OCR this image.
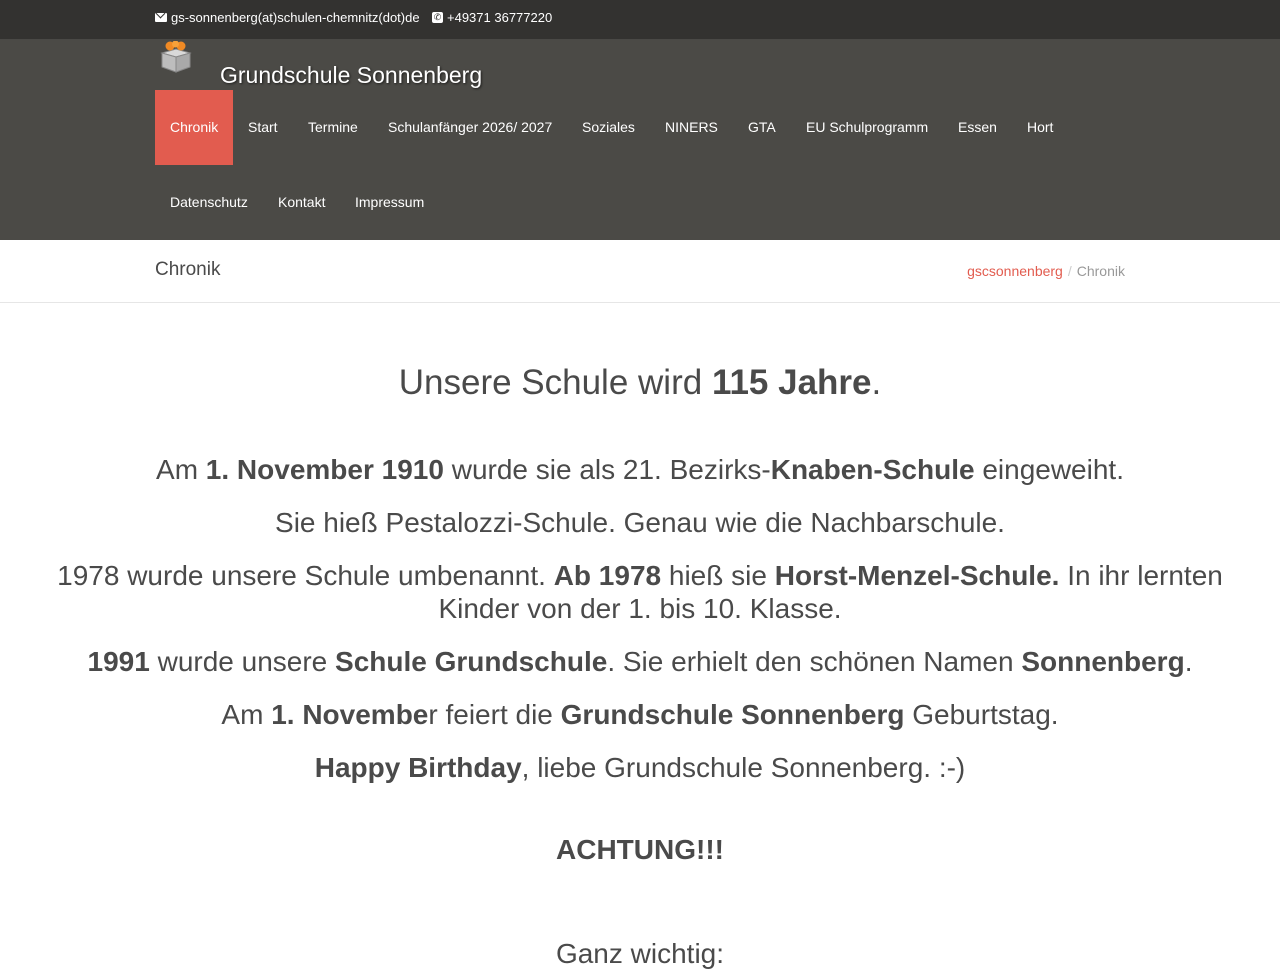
gs-sonnenberg(at)schulen-chemnitz(dot)de ✆ +49371 36777220
Grundschule Sonnenberg
Chronik	Start	Termine	Schulanfänger 2026/ 2027	Soziales	NINERS	GTA	EU Schulprogramm	Essen	Hort
Datenschutz	Kontakt	Impressum
Chronik	gscsonnenberg / Chronik

Unsere Schule wird 115 Jahre.

Am 1. November 1910 wurde sie als 21. Bezirks-Knaben-Schule eingeweiht.

Sie hieß Pestalozzi-Schule. Genau wie die Nachbarschule.

1978 wurde unsere Schule umbenannt. Ab 1978 hieß sie Horst-Menzel-Schule. In ihr lernten Kinder von der 1. bis 10. Klasse.

1991 wurde unsere Schule Grundschule. Sie erhielt den schönen Namen Sonnenberg.

Am 1. November feiert die Grundschule Sonnenberg Geburtstag.

Happy Birthday, liebe Grundschule Sonnenberg. :-)

ACHTUNG!!!

Ganz wichtig:
